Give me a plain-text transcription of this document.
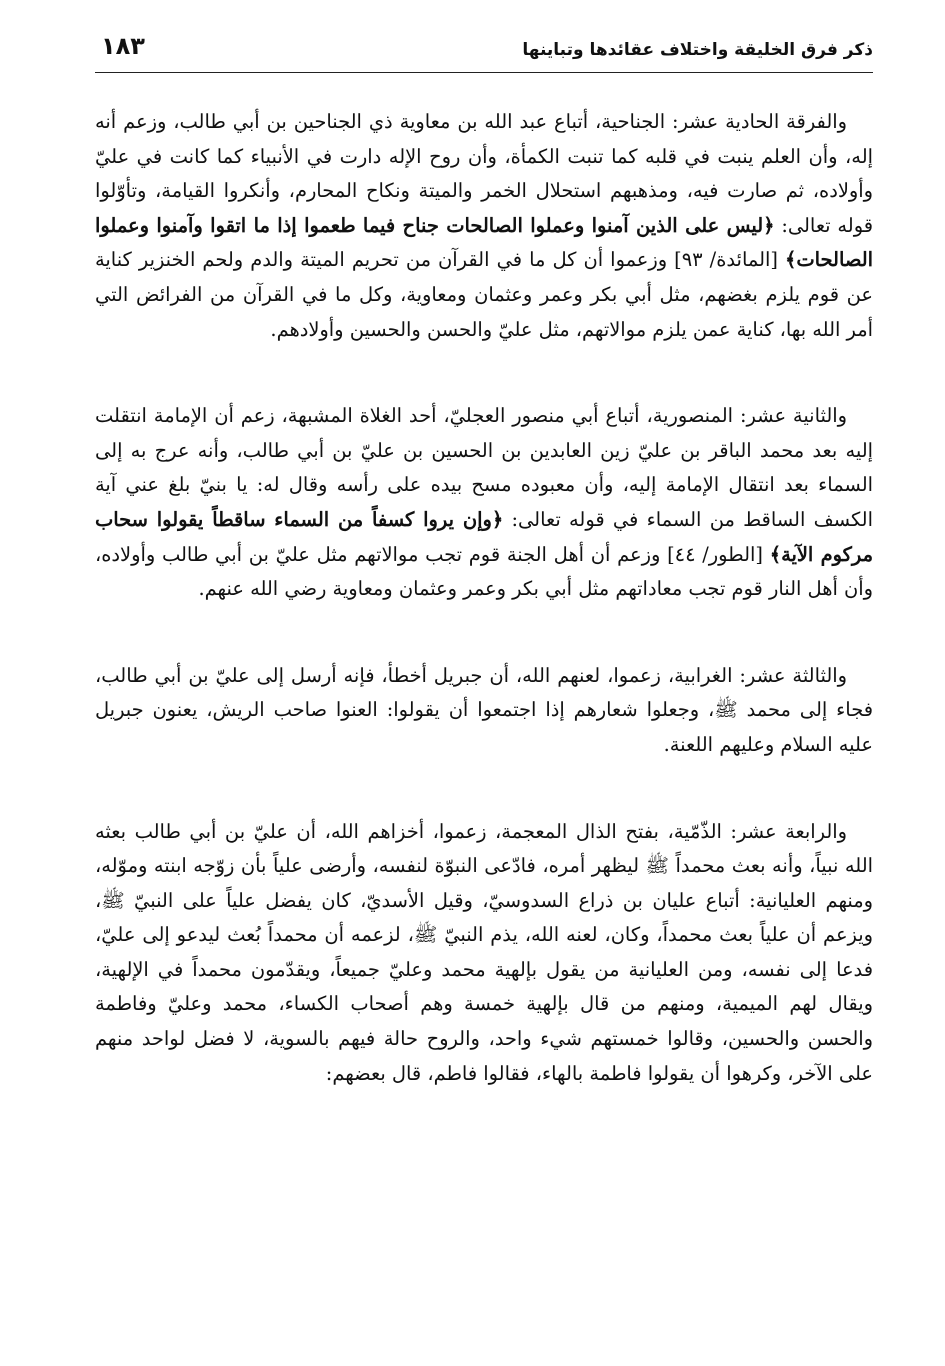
ذكر فرق الخليقة واختلاف عقائدها وتباينها
١٨٣

والفرقة الحادية عشر: الجناحية، أتباع عبد الله بن معاوية ذي الجناحين بن أبي طالب، وزعم أنه إله، وأن العلم ينبت في قلبه كما تنبت الكمأة، وأن روح الإله دارت في الأنبياء كما كانت في عليّ وأولاده، ثم صارت فيه، ومذهبهم استحلال الخمر والميتة ونكاح المحارم، وأنكروا القيامة، وتأوّلوا قوله تعالى: ﴿ليس على الذين آمنوا وعملوا الصالحات جناح فيما طعموا إذا ما اتقوا وآمنوا وعملوا الصالحات﴾ [المائدة/ ٩٣] وزعموا أن كل ما في القرآن من تحريم الميتة والدم ولحم الخنزير كناية عن قوم يلزم بغضهم، مثل أبي بكر وعمر وعثمان ومعاوية، وكل ما في القرآن من الفرائض التي أمر الله بها، كناية عمن يلزم موالاتهم، مثل عليّ والحسن والحسين وأولادهم.

والثانية عشر: المنصورية، أتباع أبي منصور العجليّ، أحد الغلاة المشبهة، زعم أن الإمامة انتقلت إليه بعد محمد الباقر بن عليّ زين العابدين بن الحسين بن عليّ بن أبي طالب، وأنه عرج به إلى السماء بعد انتقال الإمامة إليه، وأن معبوده مسح بيده على رأسه وقال له: يا بنيّ بلغ عني آية الكسف الساقط من السماء في قوله تعالى: ﴿وإن يروا كسفاً من السماء ساقطاً يقولوا سحاب مركوم الآية﴾ [الطور/ ٤٤] وزعم أن أهل الجنة قوم تجب موالاتهم مثل عليّ بن أبي طالب وأولاده، وأن أهل النار قوم تجب معاداتهم مثل أبي بكر وعمر وعثمان ومعاوية رضي الله عنهم.

والثالثة عشر: الغرابية، زعموا، لعنهم الله، أن جبريل أخطأ، فإنه أرسل إلى عليّ بن أبي طالب، فجاء إلى محمد ﷺ، وجعلوا شعارهم إذا اجتمعوا أن يقولوا: العنوا صاحب الريش، يعنون جبريل عليه السلام وعليهم اللعنة.

والرابعة عشر: الذّمّية، بفتح الذال المعجمة، زعموا، أخزاهم الله، أن عليّ بن أبي طالب بعثه الله نبياً، وأنه بعث محمداً ﷺ ليظهر أمره، فادّعى النبوّة لنفسه، وأرضى علياً بأن زوّجه ابنته وموّله، ومنهم العليانية: أتباع عليان بن ذراع السدوسيّ، وقيل الأسديّ، كان يفضل علياً على النبيّ ﷺ، ويزعم أن علياً بعث محمداً، وكان، لعنه الله، يذم النبيّ ﷺ، لزعمه أن محمداً بُعث ليدعو إلى عليّ، فدعا إلى نفسه، ومن العليانية من يقول بإلهية محمد وعليّ جميعاً، ويقدّمون محمداً في الإلهية، ويقال لهم الميمية، ومنهم من قال بإلهية خمسة وهم أصحاب الكساء، محمد وعليّ وفاطمة والحسن والحسين، وقالوا خمستهم شيء واحد، والروح حالة فيهم بالسوية، لا فضل لواحد منهم على الآخر، وكرهوا أن يقولوا فاطمة بالهاء، فقالوا فاطم، قال بعضهم:
